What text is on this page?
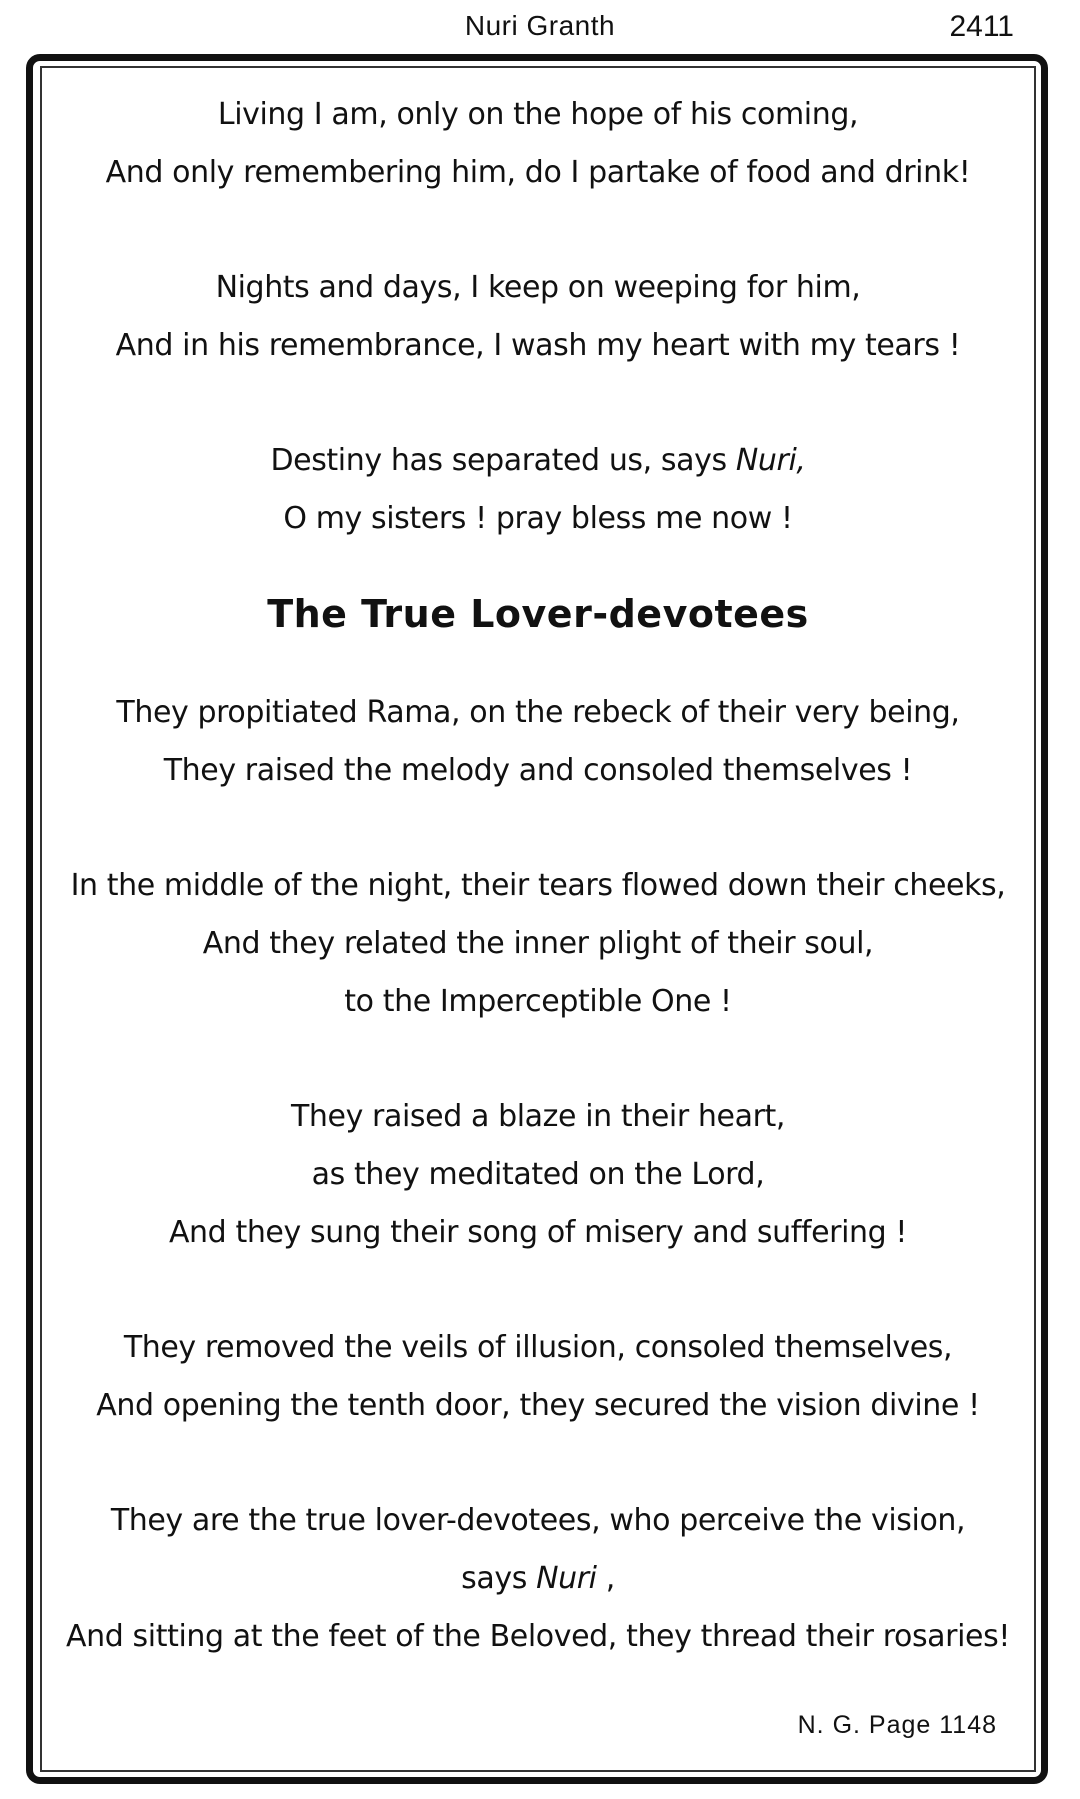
Nuri Granth	2411
Living I am, only on the hope of his coming,
And only remembering him, do I partake of food and drink!
Nights and days, I keep on weeping for him,
And in his remembrance, I wash my heart with my tears !
Destiny has separated us, says Nuri,
O my sisters ! pray bless me now !
The True Lover-devotees
They propitiated Rama, on the rebeck of their very being,
They raised the melody and consoled themselves !
In the middle of the night, their tears flowed down their cheeks,
And they related the inner plight of their soul,
to the Imperceptible One !
They raised a blaze in their heart,
as they meditated on the Lord,
And they sung their song of misery and suffering !
They removed the veils of illusion, consoled themselves,
And opening the tenth door, they secured the vision divine !
They are the true lover-devotees, who perceive the vision,
says Nuri ,
And sitting at the feet of the Beloved, they thread their rosaries!
N. G. Page 1148
